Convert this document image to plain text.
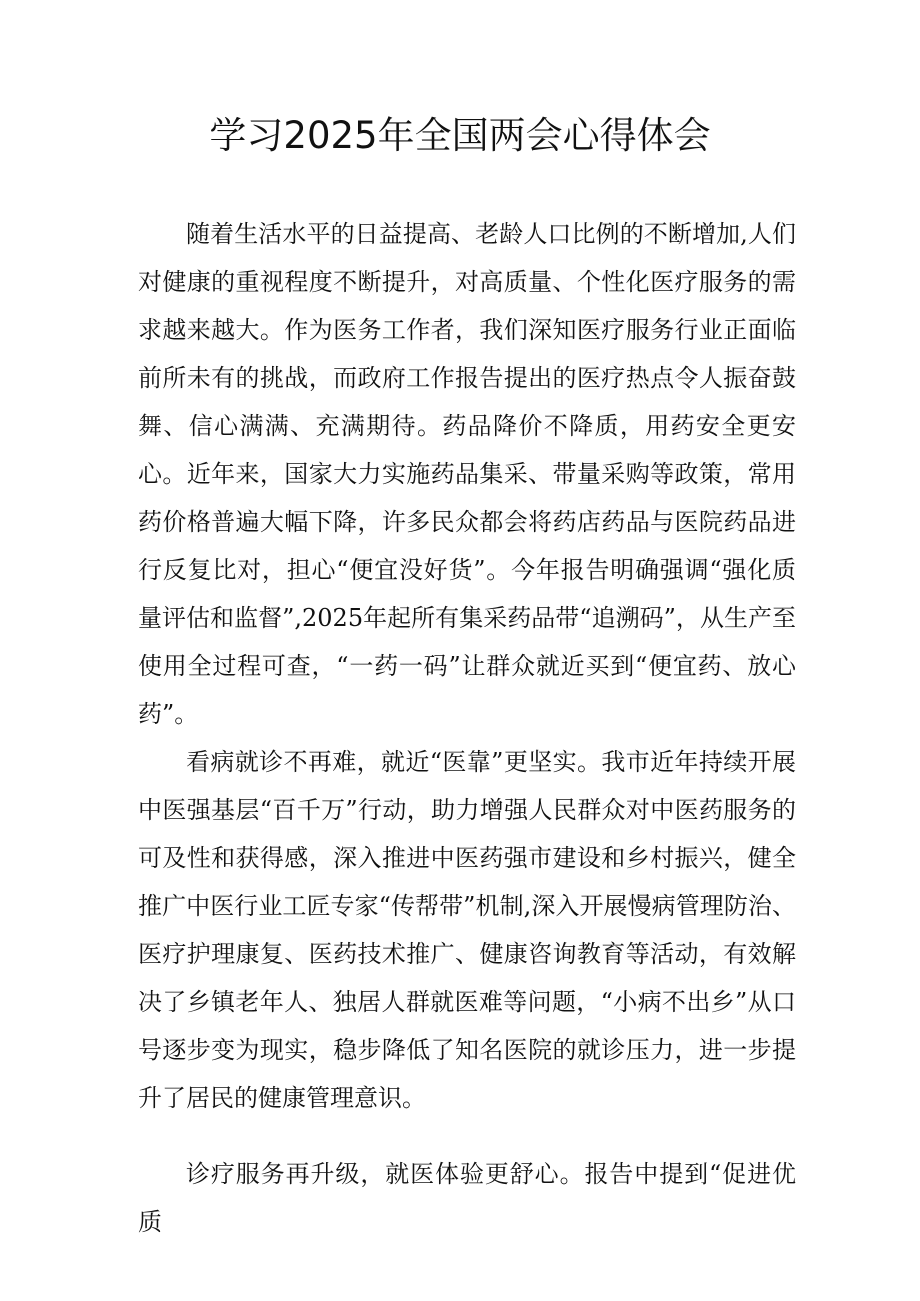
学习2025年全国两会心得体会

随着生活水平的日益提高、老龄人口比例的不断增加,人们对健康的重视程度不断提升，对高质量、个性化医疗服务的需求越来越大。作为医务工作者，我们深知医疗服务行业正面临前所未有的挑战，而政府工作报告提出的医疗热点令人振奋鼓舞、信心满满、充满期待。药品降价不降质，用药安全更安心。近年来，国家大力实施药品集采、带量采购等政策，常用药价格普遍大幅下降，许多民众都会将药店药品与医院药品进行反复比对，担心“便宜没好货”。今年报告明确强调“强化质量评估和监督”,2025年起所有集采药品带“追溯码”，从生产至使用全过程可查，“一药一码”让群众就近买到“便宜药、放心药”。

看病就诊不再难，就近“医靠”更坚实。我市近年持续开展中医强基层“百千万”行动，助力增强人民群众对中医药服务的可及性和获得感，深入推进中医药强市建设和乡村振兴，健全推广中医行业工匠专家“传帮带”机制,深入开展慢病管理防治、医疗护理康复、医药技术推广、健康咨询教育等活动，有效解决了乡镇老年人、独居人群就医难等问题，“小病不出乡”从口号逐步变为现实，稳步降低了知名医院的就诊压力，进一步提升了居民的健康管理意识。

诊疗服务再升级，就医体验更舒心。报告中提到“促进优质
